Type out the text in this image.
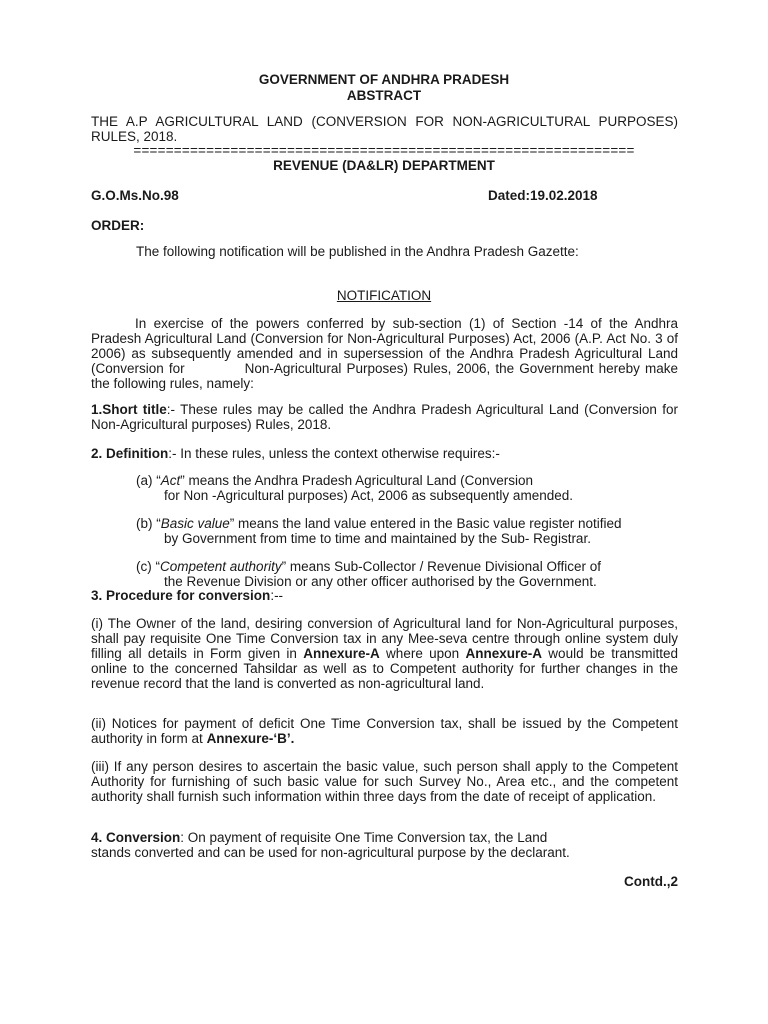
GOVERNMENT OF ANDHRA PRADESH
ABSTRACT
THE A.P AGRICULTURAL LAND (CONVERSION FOR NON-AGRICULTURAL PURPOSES) RULES, 2018.
==============================================================
REVENUE (DA&LR) DEPARTMENT
G.O.Ms.No.98	Dated:19.02.2018
ORDER:
The following notification will be published in the Andhra Pradesh Gazette:
NOTIFICATION
In exercise of the powers conferred by sub-section (1) of Section -14 of the Andhra Pradesh Agricultural Land (Conversion for Non-Agricultural Purposes) Act, 2006 (A.P. Act No. 3 of 2006) as subsequently amended and in supersession of the Andhra Pradesh Agricultural Land (Conversion for	Non-Agricultural Purposes) Rules, 2006, the Government hereby make the following rules, namely:
1.Short title:- These rules may be called the Andhra Pradesh Agricultural Land (Conversion for Non-Agricultural purposes) Rules, 2018.
2. Definition:- In these rules, unless the context otherwise requires:-
(a) “Act” means the Andhra Pradesh Agricultural Land (Conversion
for Non -Agricultural purposes) Act, 2006 as subsequently amended.
(b) “Basic value” means the land value entered in the Basic value register notified
by Government from time to time and maintained by the Sub- Registrar.
(c) “Competent authority” means Sub-Collector / Revenue Divisional Officer of
the Revenue Division or any other officer authorised by the Government.
3. Procedure for conversion:--
(i) The Owner of the land, desiring conversion of Agricultural land for Non-Agricultural purposes, shall pay requisite One Time Conversion tax in any Mee-seva centre through online system duly filling all details in Form given in Annexure-A where upon Annexure-A would be transmitted online to the concerned Tahsildar as well as to Competent authority for further changes in the revenue record that the land is converted as non-agricultural land.
(ii) Notices for payment of deficit One Time Conversion tax, shall be issued by the Competent authority in form at Annexure-‘B’.
(iii) If any person desires to ascertain the basic value, such person shall apply to the Competent Authority for furnishing of such basic value for such Survey No., Area etc., and the competent authority shall furnish such information within three days from the date of receipt of application.
4. Conversion: On payment of requisite One Time Conversion tax, the Land
stands converted and can be used for non-agricultural purpose by the declarant.
Contd.,2
